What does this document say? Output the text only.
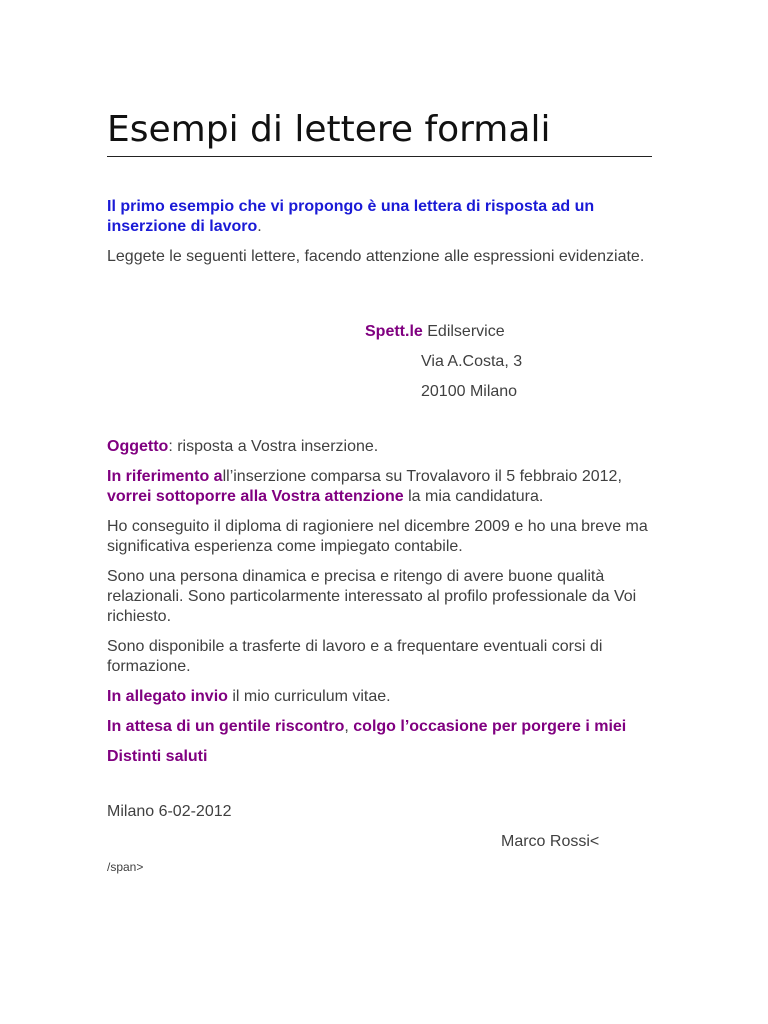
Esempi di lettere formali

Il primo esempio che vi propongo è una lettera di risposta ad un inserzione di lavoro.

Leggete le seguenti lettere, facendo attenzione alle espressioni evidenziate.

Spett.le Edilservice

Via A.Costa, 3

20100 Milano

Oggetto: risposta a Vostra inserzione.

In riferimento all’inserzione comparsa su Trovalavoro il 5 febbraio 2012, vorrei sottoporre alla Vostra attenzione la mia candidatura.

Ho conseguito il diploma di ragioniere nel dicembre 2009 e ho una breve ma significativa esperienza come impiegato contabile.

Sono una persona dinamica e precisa e ritengo di avere buone qualità relazionali. Sono particolarmente interessato al profilo professionale da Voi richiesto.

Sono disponibile a trasferte di lavoro e a frequentare eventuali corsi di formazione.

In allegato invio il mio curriculum vitae.

In attesa di un gentile riscontro, colgo l’occasione per porgere i miei

Distinti saluti

Milano 6-02-2012

Marco Rossi<

/span>
